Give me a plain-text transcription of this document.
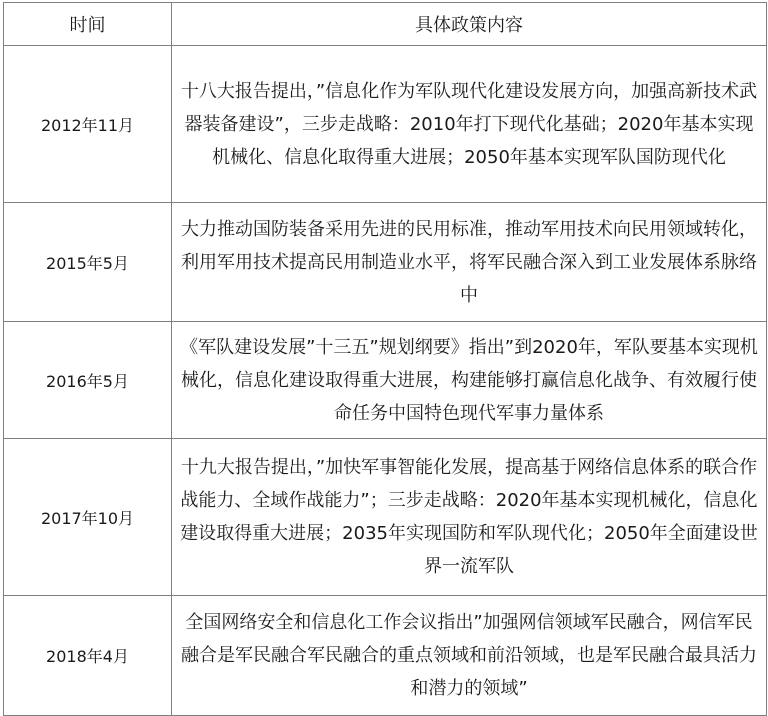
时间	具体政策内容
2012年11月	十八大报告提出，”信息化作为军队现代化建设发展方向，加强高新技术武器装备建设”，三步走战略：2010年打下现代化基础；2020年基本实现机械化、信息化取得重大进展；2050年基本实现军队国防现代化
2015年5月	大力推动国防装备采用先进的民用标准，推动军用技术向民用领域转化，利用军用技术提高民用制造业水平，将军民融合深入到工业发展体系脉络中
2016年5月	《军队建设发展”十三五”规划纲要》指出”到2020年，军队要基本实现机械化，信息化建设取得重大进展，构建能够打赢信息化战争、有效履行使命任务中国特色现代军事力量体系
2017年10月	十九大报告提出，”加快军事智能化发展，提高基于网络信息体系的联合作战能力、全域作战能力”；三步走战略：2020年基本实现机械化，信息化建设取得重大进展；2035年实现国防和军队现代化；2050年全面建设世界一流军队
2018年4月	全国网络安全和信息化工作会议指出”加强网信领域军民融合，网信军民融合是军民融合军民融合的重点领域和前沿领域，也是军民融合最具活力和潜力的领域”
